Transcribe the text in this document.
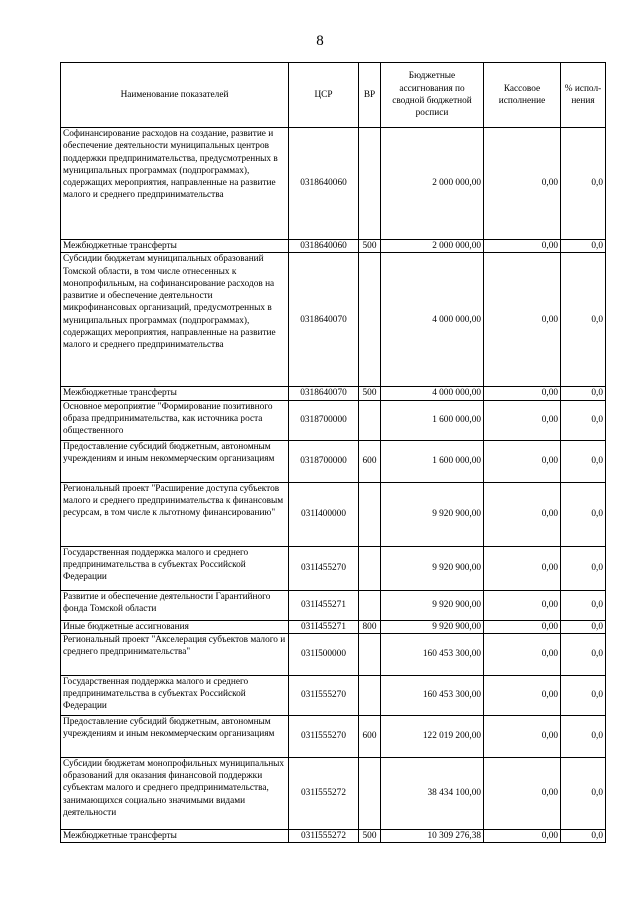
8
Наименование показателей	ЦСР	ВР	Бюджетные ассигнования по сводной бюджетной росписи	Кассовое исполнение	% испол-нения

Софинансирование расходов на создание, развитие и обеспечение деятельности муниципальных центров поддержки предпринимательства, предусмотренных в муниципальных программах (подпрограммах), содержащих мероприятия, направленные на развитие малого и среднего предпринимательства	0318640060		2 000 000,00	0,00	0,0

Межбюджетные трансферты	0318640060	500	2 000 000,00	0,00	0,0

Субсидии бюджетам муниципальных образований Томской области, в том числе отнесенных к монопрофильным, на софинансирование расходов на развитие и обеспечение деятельности микрофинансовых организаций, предусмотренных в муниципальных программах (подпрограммах), содержащих мероприятия, направленные на развитие малого и среднего предпринимательства	0318640070		4 000 000,00	0,00	0,0

Межбюджетные трансферты	0318640070	500	4 000 000,00	0,00	0,0

Основное мероприятие "Формирование позитивного образа предпринимательства, как источника роста общественного	0318700000		1 600 000,00	0,00	0,0

Предоставление субсидий бюджетным, автономным учреждениям и иным некоммерческим организациям	0318700000	600	1 600 000,00	0,00	0,0

Региональный проект "Расширение доступа субъектов малого и среднего предпринимательства к финансовым ресурсам, в том числе к льготному финансированию"	031I400000		9 920 900,00	0,00	0,0

Государственная поддержка малого и среднего предпринимательства в субъектах Российской Федерации	031I455270		9 920 900,00	0,00	0,0

Развитие и обеспечение деятельности Гарантийного фонда Томской области	031I455271		9 920 900,00	0,00	0,0

Иные бюджетные ассигнования	031I455271	800	9 920 900,00	0,00	0,0

Региональный проект "Акселерация субъектов малого и среднего предпринимательства"	031I500000		160 453 300,00	0,00	0,0

Государственная поддержка малого и среднего предпринимательства в субъектах Российской Федерации	031I555270		160 453 300,00	0,00	0,0

Предоставление субсидий бюджетным, автономным учреждениям и иным некоммерческим организациям	031I555270	600	122 019 200,00	0,00	0,0

Субсидии бюджетам монопрофильных муниципальных образований для оказания финансовой поддержки субъектам малого и среднего предпринимательства, занимающихся социально значимыми видами деятельности	031I555272		38 434 100,00	0,00	0,0

Межбюджетные трансферты	031I555272	500	10 309 276,38	0,00	0,0
